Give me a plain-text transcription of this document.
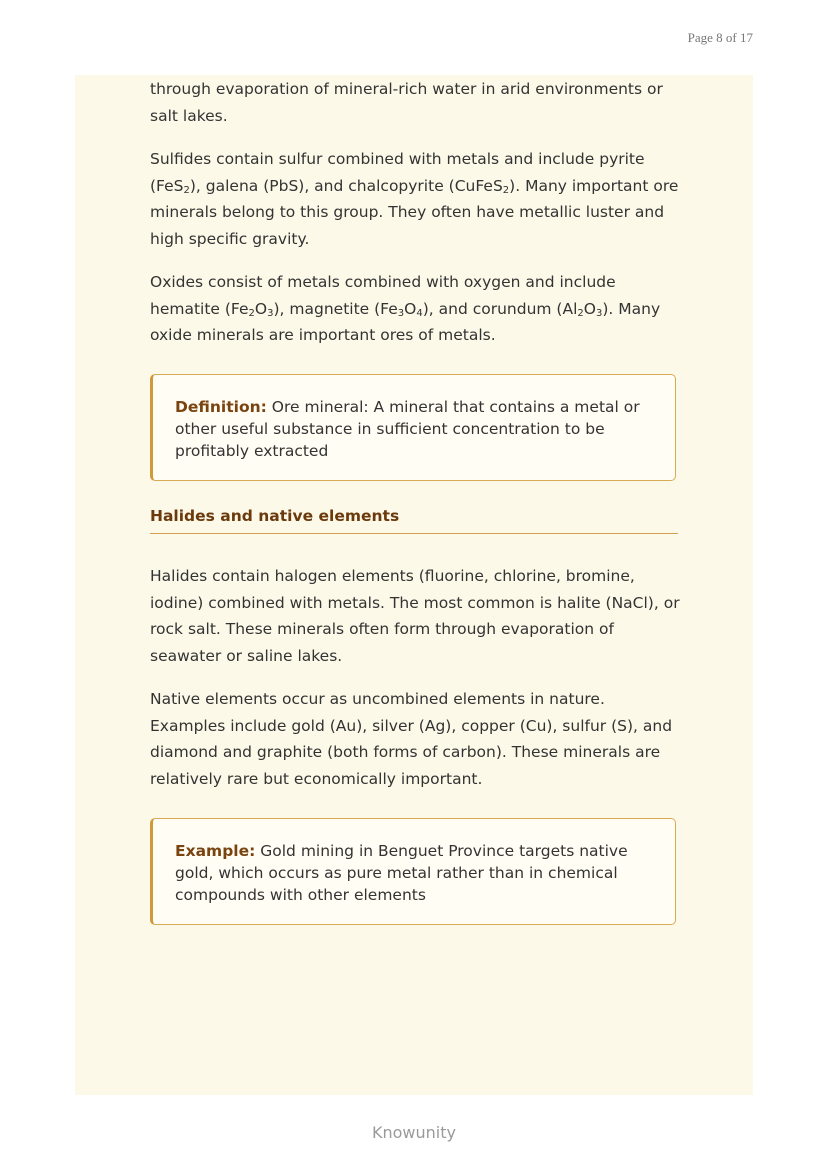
Page 8 of 17

through evaporation of mineral-rich water in arid environments or salt lakes.

Sulfides contain sulfur combined with metals and include pyrite (FeS$_2$), galena (PbS), and chalcopyrite (CuFeS$_2$). Many important ore minerals belong to this group. They often have metallic luster and high specific gravity.

Oxides consist of metals combined with oxygen and include hematite $(Fe_2O_3)$, magnetite $(Fe_3O_4)$, and corundum $(Al_2O_3)$. Many oxide minerals are important ores of metals.

Definition: Ore mineral: A mineral that contains a metal or other useful substance in sufficient concentration to be profitably extracted
Halides and native elements

Halides contain halogen elements (fluorine, chlorine, bromine, iodine) combined with metals. The most common is halite (NaCl), or rock salt. These minerals often form through evaporation of seawater or saline lakes.

Native elements occur as uncombined elements in nature. Examples include gold (Au), silver (Ag), copper (Cu), sulfur (S), and diamond and graphite (both forms of carbon). These minerals are relatively rare but economically important.

Example: Gold mining in Benguet Province targets native gold, which occurs as pure metal rather than in chemical compounds with other elements
Knowunity
